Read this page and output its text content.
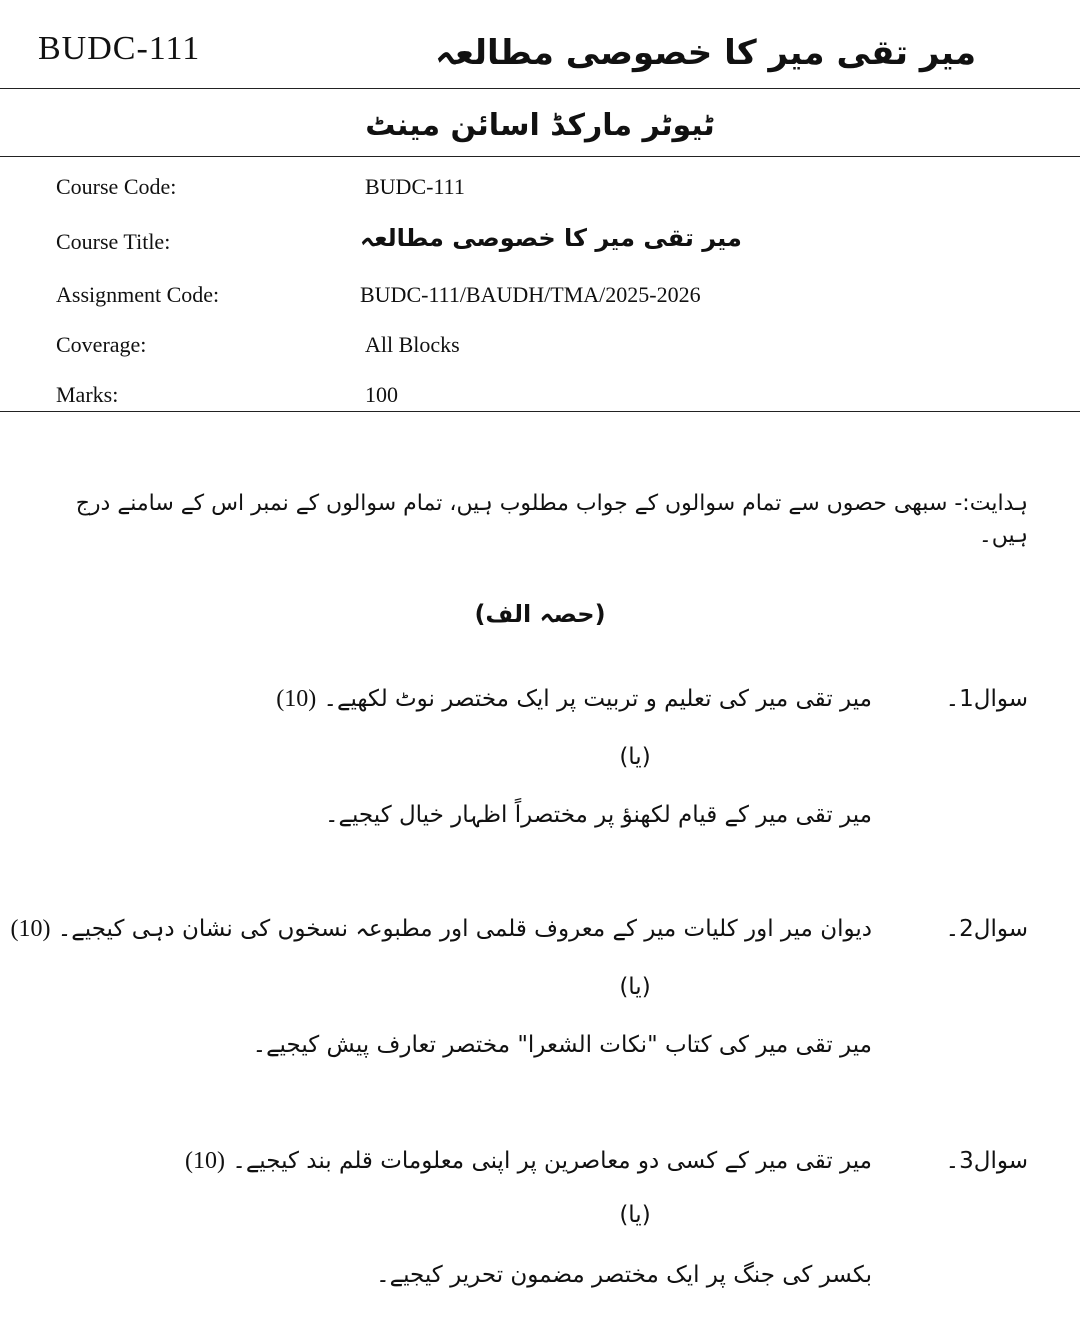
BUDC-111	میر تقی میر کا خصوصی مطالعہ
ٹیوٹر مارکڈ اسائن مینٹ
Course Code:	BUDC-111
Course Title:	میر تقی میر کا خصوصی مطالعہ
Assignment Code:	BUDC-111/BAUDH/TMA/2025-2026
Coverage:	All Blocks
Marks:	100
ہدایت:- سبھی حصوں سے تمام سوالوں کے جواب مطلوب ہیں، تمام سوالوں کے نمبر اس کے سامنے درج ہیں۔
(حصہ الف)
سوال1۔
میر تقی میر کی تعلیم و تربیت پر ایک مختصر نوٹ لکھیے۔ (10)
(یا)
میر تقی میر کے قیام لکھنؤ پر مختصراً اظہار خیال کیجیے۔
سوال2۔
دیوان میر اور کلیات میر کے معروف قلمی اور مطبوعہ نسخوں کی نشان دہی کیجیے۔ (10)
(یا)
میر تقی میر کی کتاب "نکات الشعرا" مختصر تعارف پیش کیجیے۔
سوال3۔
میر تقی میر کے کسی دو معاصرین پر اپنی معلومات قلم بند کیجیے۔ (10)
(یا)
بکسر کی جنگ پر ایک مختصر مضمون تحریر کیجیے۔
